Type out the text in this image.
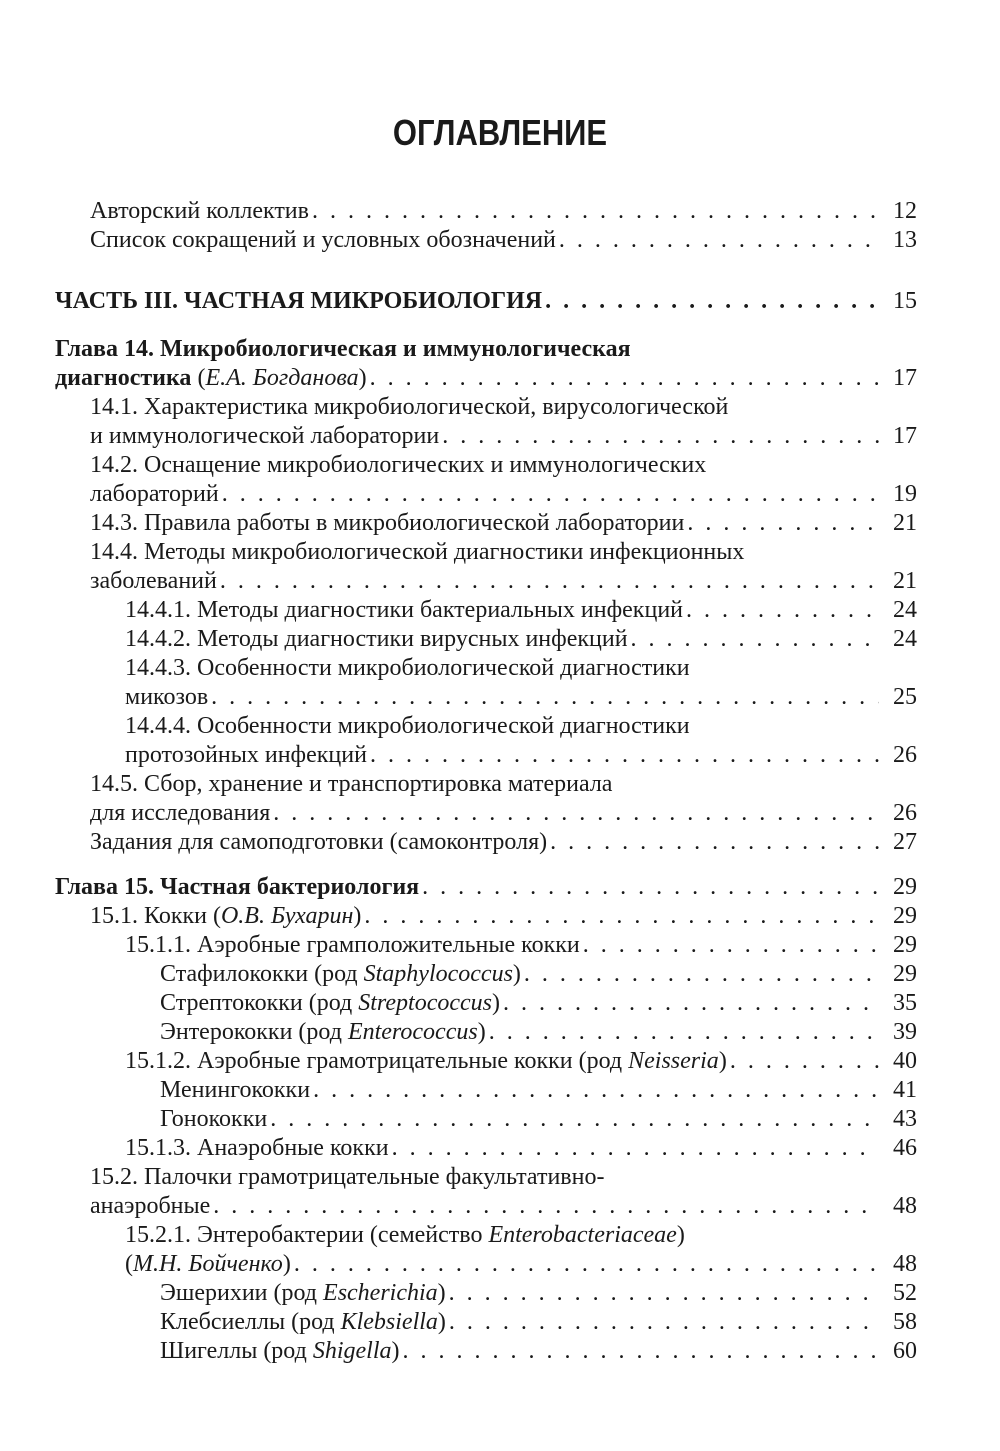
ОГЛАВЛЕНИЕ
Авторский коллектив . . .	12
Список сокращений и условных обозначений . . .	13
ЧАСТЬ III. ЧАСТНАЯ МИКРОБИОЛОГИЯ . . .	15
Глава 14. Микробиологическая и иммунологическая
диагностика (Е.А. Богданова) . . .	17
14.1. Характеристика микробиологической, вирусологической
и иммунологической лаборатории . . .	17
14.2. Оснащение микробиологических и иммунологических
лабораторий . . .	19
14.3. Правила работы в микробиологической лаборатории . . .	21
14.4. Методы микробиологической диагностики инфекционных
заболеваний . . .	21
14.4.1. Методы диагностики бактериальных инфекций . . .	24
14.4.2. Методы диагностики вирусных инфекций . . .	24
14.4.3. Особенности микробиологической диагностики
микозов . . .	25
14.4.4. Особенности микробиологической диагностики
протозойных инфекций . . .	26
14.5. Сбор, хранение и транспортировка материала
для исследования . . .	26
Задания для самоподготовки (самоконтроля) . . .	27
Глава 15. Частная бактериология . . .	29
15.1. Кокки (О.В. Бухарин) . . .	29
15.1.1. Аэробные грамположительные кокки . . .	29
Стафилококки (род Staphylococcus) . . .	29
Стрептококки (род Streptococcus) . . .	35
Энтерококки (род Enterococcus) . . .	39
15.1.2. Аэробные грамотрицательные кокки (род Neisseria) . . .	40
Менингококки . . .	41
Гонококки . . .	43
15.1.3. Анаэробные кокки . . .	46
15.2. Палочки грамотрицательные факультативно-
анаэробные . . .	48
15.2.1. Энтеробактерии (семейство Enterobacteriaceae)
(М.Н. Бойченко) . . .	48
Эшерихии (род Escherichia) . . .	52
Клебсиеллы (род Klebsiella) . . .	58
Шигеллы (род Shigella) . . .	60
